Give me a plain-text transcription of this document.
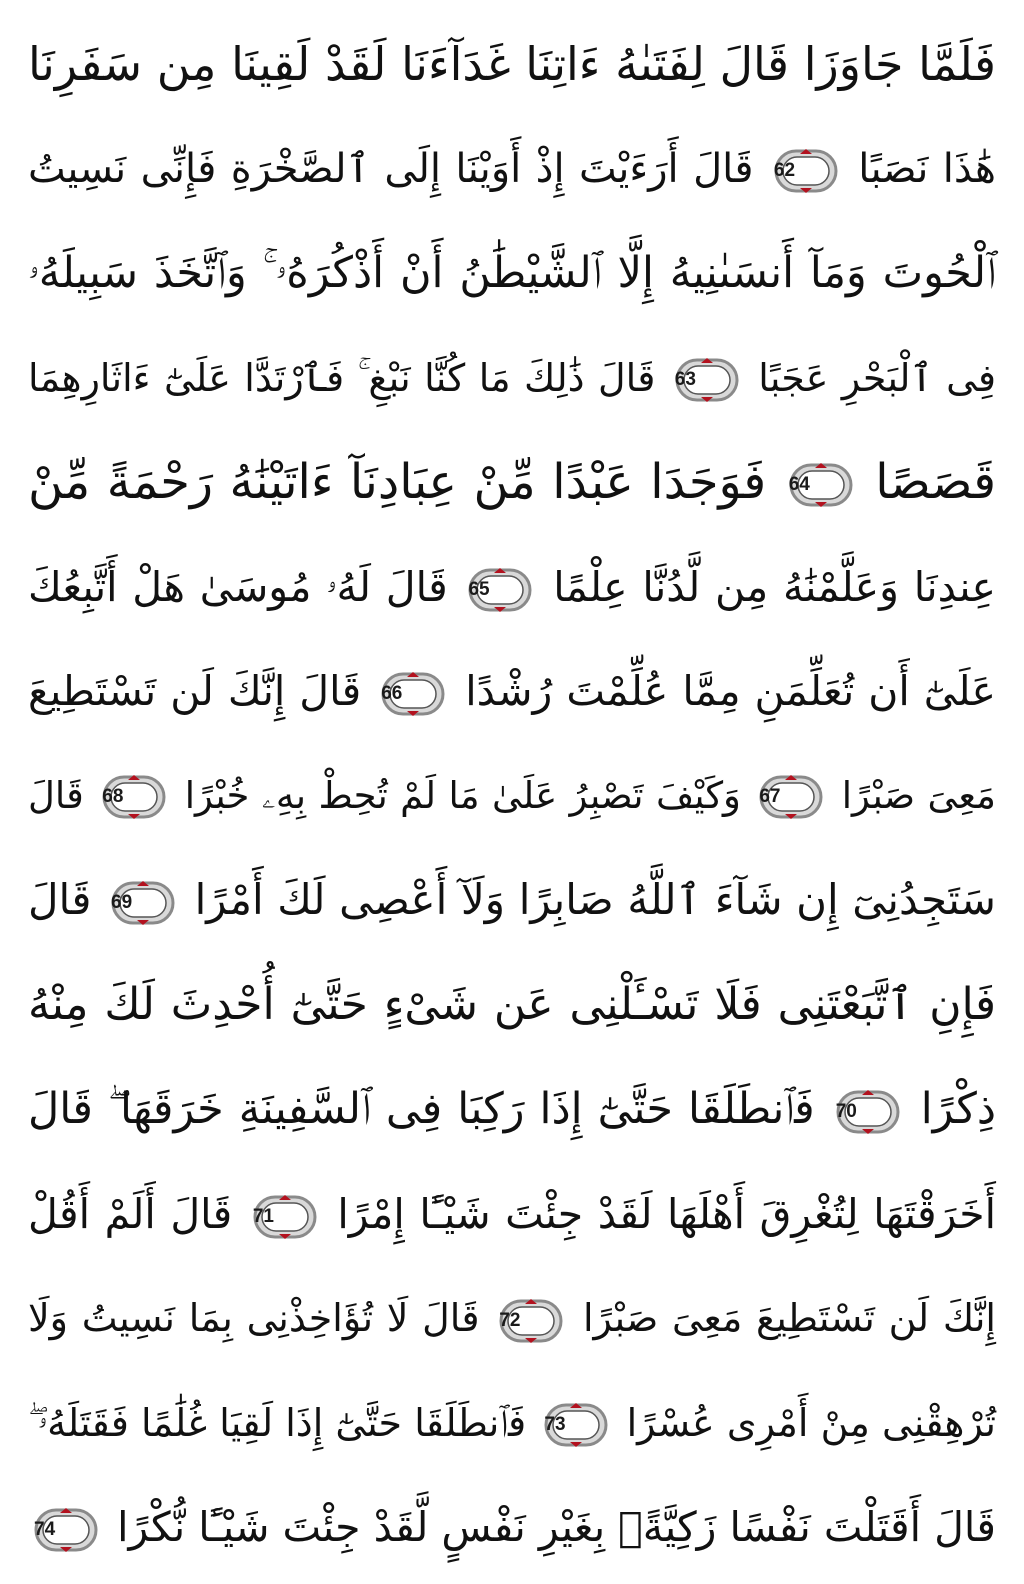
فَلَمَّا جَاوَزَا قَالَ لِفَتَىٰهُ ءَاتِنَا غَدَآءَنَا لَقَدْ لَقِينَا مِن سَفَرِنَا
هَٰذَا نَصَبًا
62
قَالَ أَرَءَيْتَ إِذْ أَوَيْنَا إِلَى ٱلصَّخْرَةِ فَإِنِّى نَسِيتُ
ٱلْحُوتَ وَمَآ أَنسَىٰنِيهُ إِلَّا ٱلشَّيْطَٰنُ أَنْ أَذْكُرَهُۥ ۚ وَٱتَّخَذَ سَبِيلَهُۥ
فِى ٱلْبَحْرِ عَجَبًا
63
قَالَ ذَٰلِكَ مَا كُنَّا نَبْغِ ۚ فَٱرْتَدَّا عَلَىٰٓ ءَاثَارِهِمَا
قَصَصًا
64
فَوَجَدَا عَبْدًا مِّنْ عِبَادِنَآ ءَاتَيْنَٰهُ رَحْمَةً مِّنْ
عِندِنَا وَعَلَّمْنَٰهُ مِن لَّدُنَّا عِلْمًا
65
قَالَ لَهُۥ مُوسَىٰ هَلْ أَتَّبِعُكَ
عَلَىٰٓ أَن تُعَلِّمَنِ مِمَّا عُلِّمْتَ رُشْدًا
66
قَالَ إِنَّكَ لَن تَسْتَطِيعَ
مَعِىَ صَبْرًا
67
وَكَيْفَ تَصْبِرُ عَلَىٰ مَا لَمْ تُحِطْ بِهِۦ خُبْرًا
68
قَالَ
سَتَجِدُنِىٓ إِن شَآءَ ٱللَّهُ صَابِرًا وَلَآ أَعْصِى لَكَ أَمْرًا
69
قَالَ
فَإِنِ ٱتَّبَعْتَنِى فَلَا تَسْـَٔلْنِى عَن شَىْءٍ حَتَّىٰٓ أُحْدِثَ لَكَ مِنْهُ
ذِكْرًا
70
فَٱنطَلَقَا حَتَّىٰٓ إِذَا رَكِبَا فِى ٱلسَّفِينَةِ خَرَقَهَا ۖ قَالَ
أَخَرَقْتَهَا لِتُغْرِقَ أَهْلَهَا لَقَدْ جِئْتَ شَيْـًٔا إِمْرًا
71
قَالَ أَلَمْ أَقُلْ
إِنَّكَ لَن تَسْتَطِيعَ مَعِىَ صَبْرًا
72
قَالَ لَا تُؤَاخِذْنِى بِمَا نَسِيتُ وَلَا
تُرْهِقْنِى مِنْ أَمْرِى عُسْرًا
73
فَٱنطَلَقَا حَتَّىٰٓ إِذَا لَقِيَا غُلَٰمًا فَقَتَلَهُۥ ۖ
قَالَ أَقَتَلْتَ نَفْسًا زَكِيَّةًۢ بِغَيْرِ نَفْسٍ لَّقَدْ جِئْتَ شَيْـًٔا نُّكْرًا
74
